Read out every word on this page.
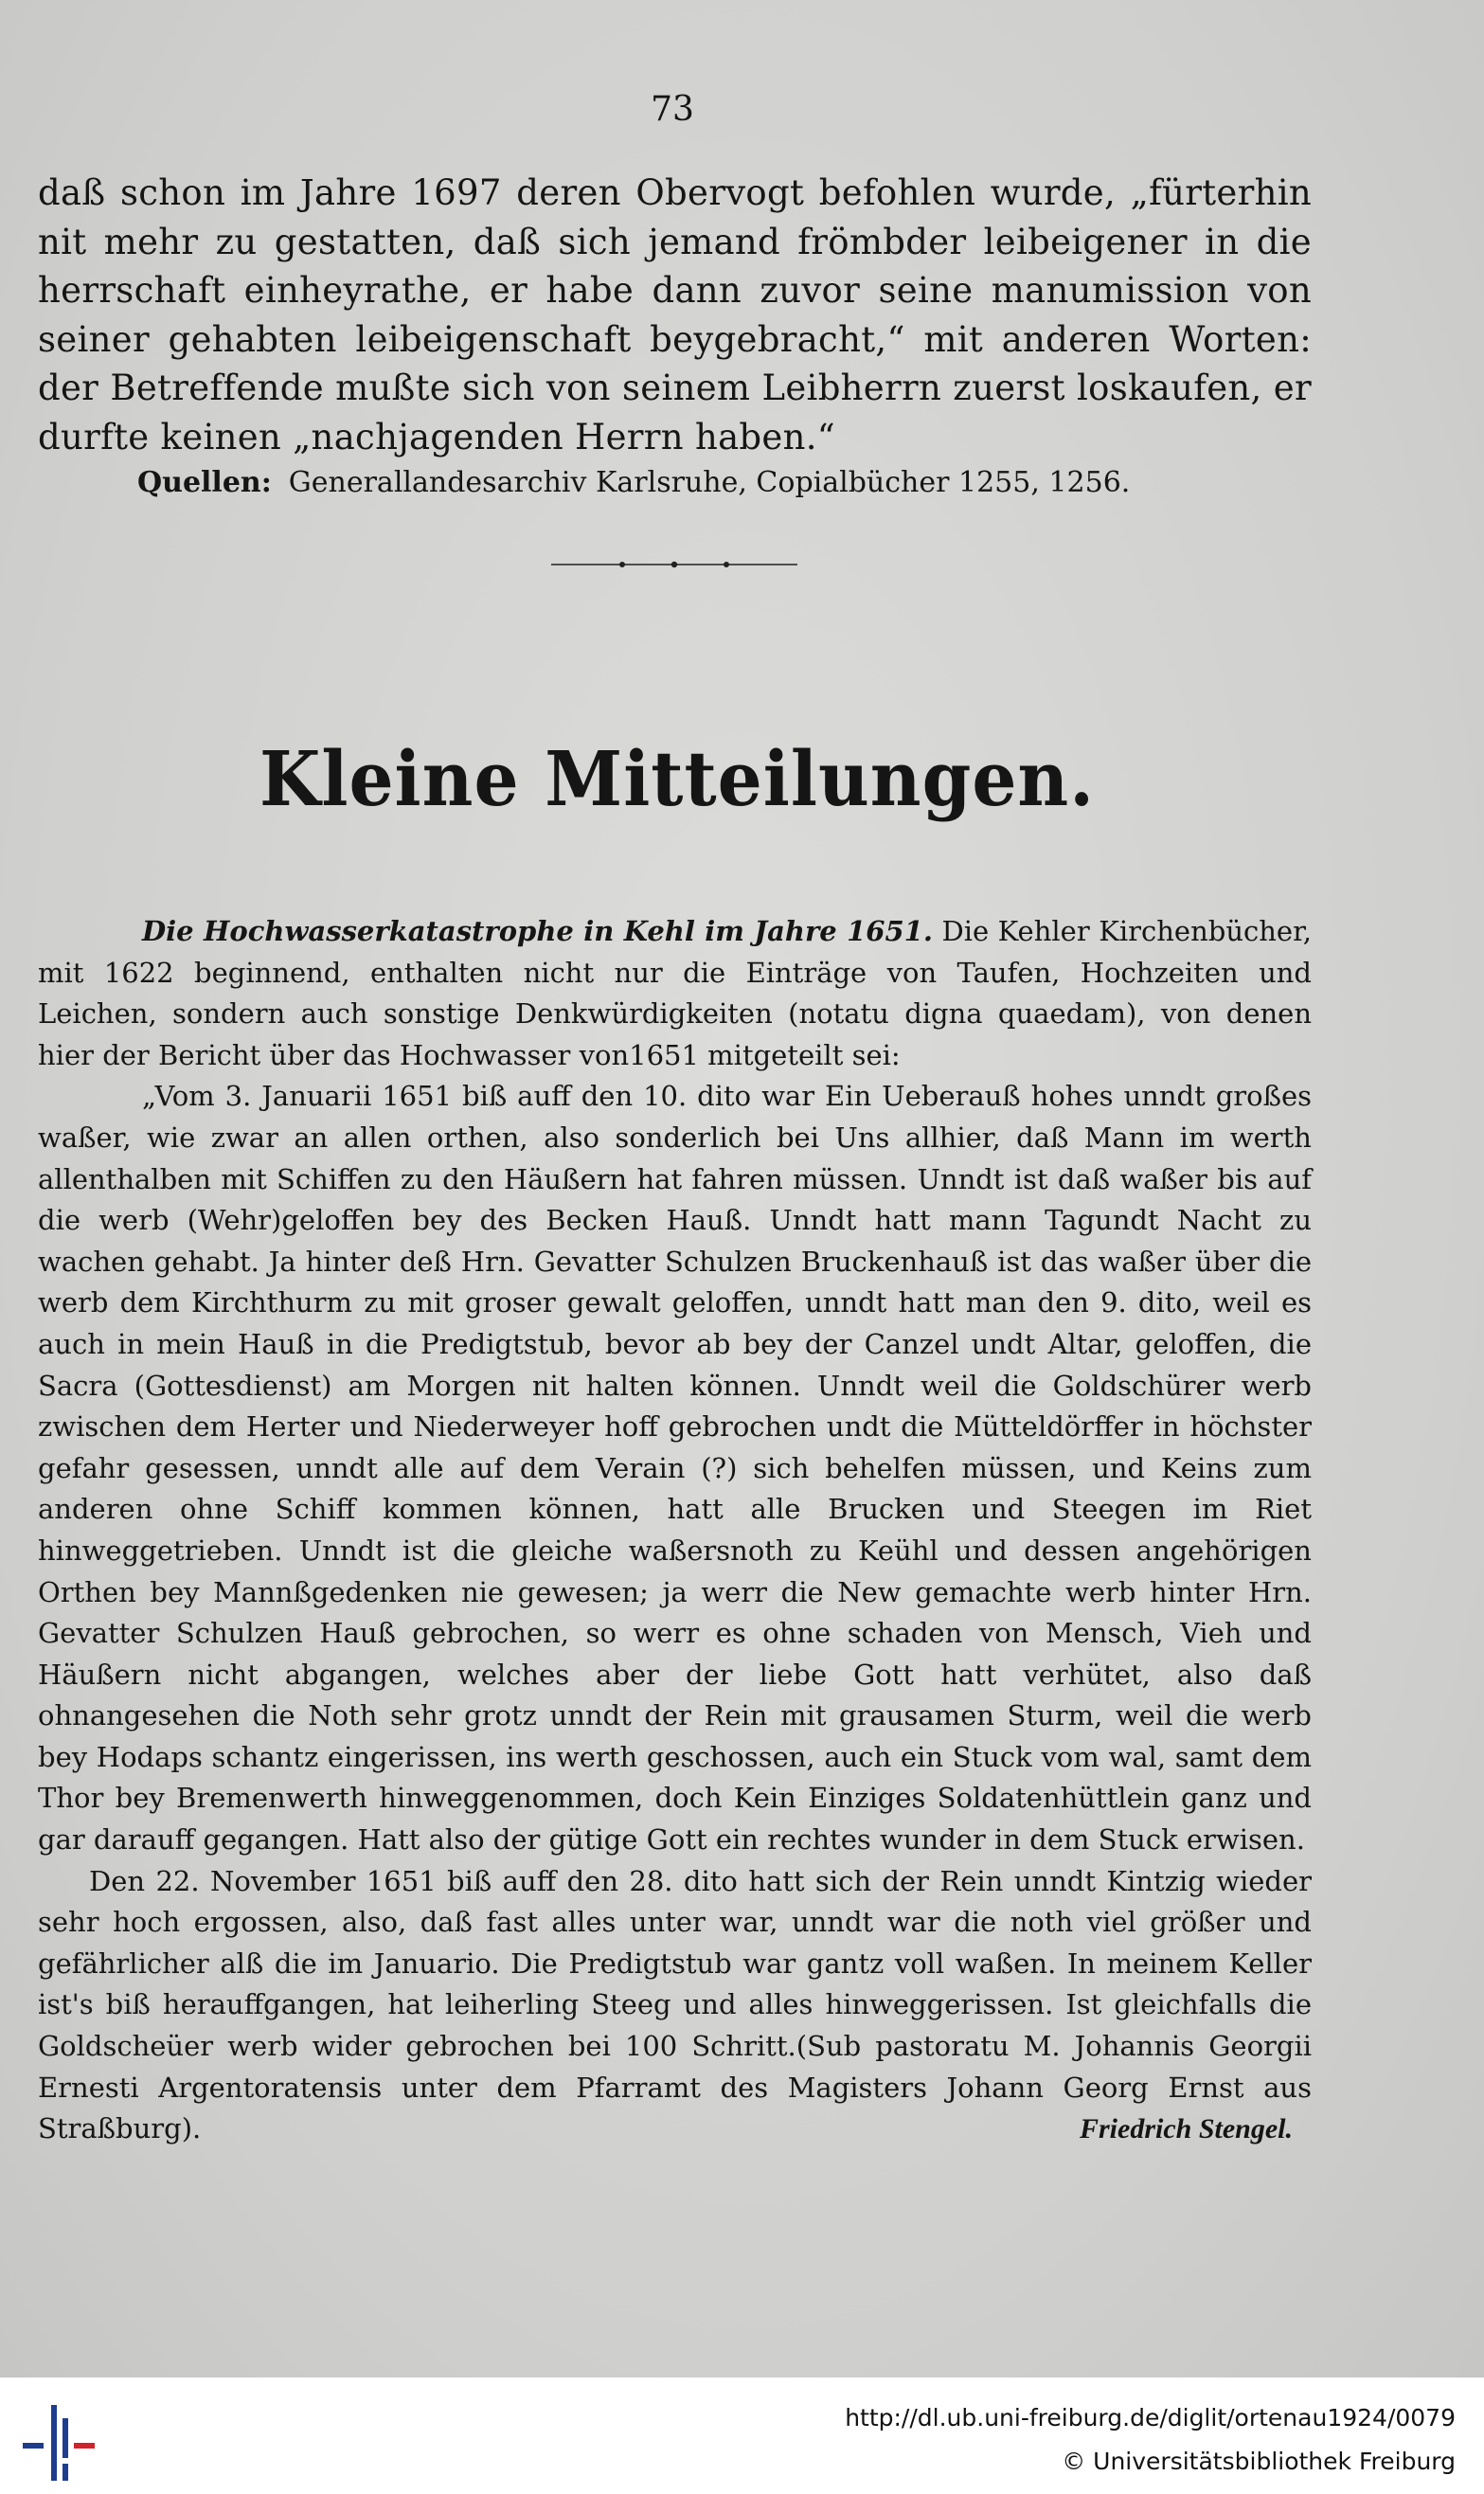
73

daß schon im Jahre 1697 deren Obervogt befohlen wurde, „fürterhin nit mehr zu gestatten, daß sich jemand frömbder leibeigener in die herrschaft einheyrathe, er habe dann zuvor seine manumission von seiner gehabten leibeigenschaft beygebracht,“ mit anderen Worten: der Betreffende mußte sich von seinem Leibherrn zuerst loskaufen, er durfte keinen „nachjagenden Herrn haben.“

Quellen: Generallandesarchiv Karlsruhe, Copialbücher 1255, 1256.
Kleine Mitteilungen.

Die Hochwasserkatastrophe in Kehl im Jahre 1651. Die Kehler Kirchenbücher, mit 1622 beginnend, enthalten nicht nur die Einträge von Taufen, Hochzeiten und Leichen, sondern auch sonstige Denkwürdigkeiten (notatu digna quaedam), von denen hier der Bericht über das Hochwasser von1651 mitgeteilt sei:

„Vom 3. Januarii 1651 biß auff den 10. dito war Ein Ueberauß hohes unndt großes waßer, wie zwar an allen orthen, also sonderlich bei Uns allhier, daß Mann im werth allenthalben mit Schiffen zu den Häußern hat fahren müssen. Unndt ist daß waßer bis auf die werb (Wehr)geloffen bey des Becken Hauß. Unndt hatt mann Tagundt Nacht zu wachen gehabt. Ja hinter deß Hrn. Gevatter Schulzen Bruckenhauß ist das waßer über die werb dem Kirchthurm zu mit groser gewalt geloffen, unndt hatt man den 9. dito, weil es auch in mein Hauß in die Predigtstub, bevor ab bey der Canzel undt Altar, geloffen, die Sacra (Gottesdienst) am Morgen nit halten können. Unndt weil die Goldschürer werb zwischen dem Herter und Niederweyer hoff gebrochen undt die Mütteldörffer in höchster gefahr gesessen, unndt alle auf dem Verain (?) sich behelfen müssen, und Keins zum anderen ohne Schiff kommen können, hatt alle Brucken und Steegen im Riet hinweggetrieben. Unndt ist die gleiche waßersnoth zu Keühl und dessen angehörigen Orthen bey Mannßgedenken nie gewesen; ja werr die New gemachte werb hinter Hrn. Gevatter Schulzen Hauß gebrochen, so werr es ohne schaden von Mensch, Vieh und Häußern nicht abgangen, welches aber der liebe Gott hatt verhütet, also daß ohnangesehen die Noth sehr grotz unndt der Rein mit grausamen Sturm, weil die werb bey Hodaps schantz eingerissen, ins werth geschossen, auch ein Stuck vom wal, samt dem Thor bey Bremenwerth hinweggenommen, doch Kein Einziges Soldatenhüttlein ganz und gar darauff gegangen. Hatt also der gütige Gott ein rechtes wunder in dem Stuck erwisen.

Den 22. November 1651 biß auff den 28. dito hatt sich der Rein unndt Kintzig wieder sehr hoch ergossen, also, daß fast alles unter war, unndt war die noth viel größer und gefährlicher alß die im Januario. Die Predigtstub war gantz voll waßen. In meinem Keller ist's biß herauffgangen, hat leiherling Steeg und alles hinweggerissen. Ist gleichfalls die Goldscheüer werb wider gebrochen bei 100 Schritt.(Sub pastoratu M. Johannis Georgii Ernesti Argentoratensis unter dem Pfarramt des Magisters Johann Georg Ernst aus Straßburg).	Friedrich Stengel.

http://dl.ub.uni-freiburg.de/diglit/ortenau1924/0079
© Universitätsbibliothek Freiburg
